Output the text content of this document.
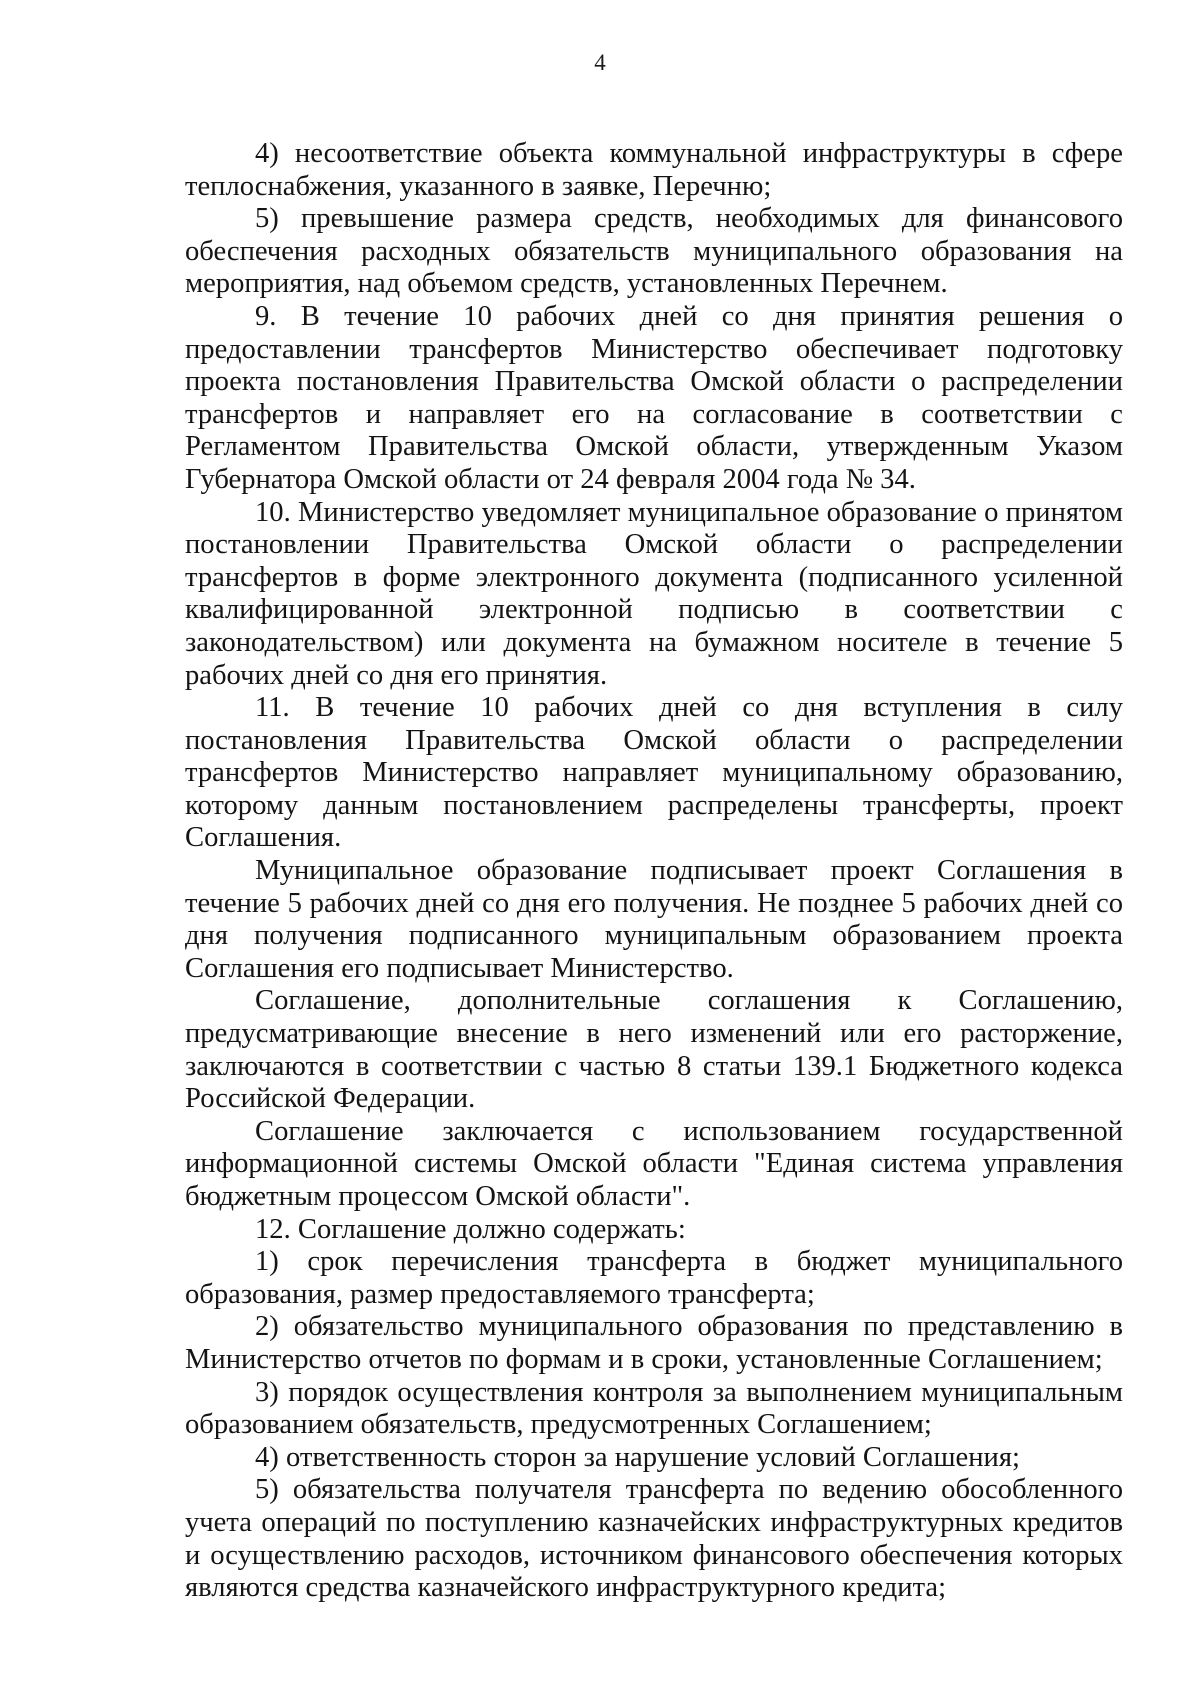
4

4) несоответствие объекта коммунальной инфраструктуры в сфере теплоснабжения, указанного в заявке, Перечню;

5) превышение размера средств, необходимых для финансового обеспечения расходных обязательств муниципального образования на мероприятия, над объемом средств, установленных Перечнем.

9. В течение 10 рабочих дней со дня принятия решения о предоставлении трансфертов Министерство обеспечивает подготовку проекта постановления Правительства Омской области о распределении трансфертов и направляет его на согласование в соответствии с Регламентом Правительства Омской области, утвержденным Указом Губернатора Омской области от 24 февраля 2004 года № 34.

10. Министерство уведомляет муниципальное образование о принятом постановлении Правительства Омской области о распределении трансфертов в форме электронного документа (подписанного усиленной квалифицированной электронной подписью в соответствии с законодательством) или документа на бумажном носителе в течение 5 рабочих дней со дня его принятия.

11. В течение 10 рабочих дней со дня вступления в силу постановления Правительства Омской области о распределении трансфертов Министерство направляет муниципальному образованию, которому данным постановлением распределены трансферты, проект Соглашения.

Муниципальное образование подписывает проект Соглашения в течение 5 рабочих дней со дня его получения. Не позднее 5 рабочих дней со дня получения подписанного муниципальным образованием проекта Соглашения его подписывает Министерство.

Соглашение, дополнительные соглашения к Соглашению, предусматривающие внесение в него изменений или его расторжение, заключаются в соответствии с частью 8 статьи 139.1 Бюджетного кодекса Российской Федерации.

Соглашение заключается с использованием государственной информационной системы Омской области "Единая система управления бюджетным процессом Омской области".

12. Соглашение должно содержать:

1) срок перечисления трансферта в бюджет муниципального образования, размер предоставляемого трансферта;

2) обязательство муниципального образования по представлению в Министерство отчетов по формам и в сроки, установленные Соглашением;

3) порядок осуществления контроля за выполнением муниципальным образованием обязательств, предусмотренных Соглашением;

4) ответственность сторон за нарушение условий Соглашения;

5) обязательства получателя трансферта по ведению обособленного учета операций по поступлению казначейских инфраструктурных кредитов и осуществлению расходов, источником финансового обеспечения которых являются средства казначейского инфраструктурного кредита;
